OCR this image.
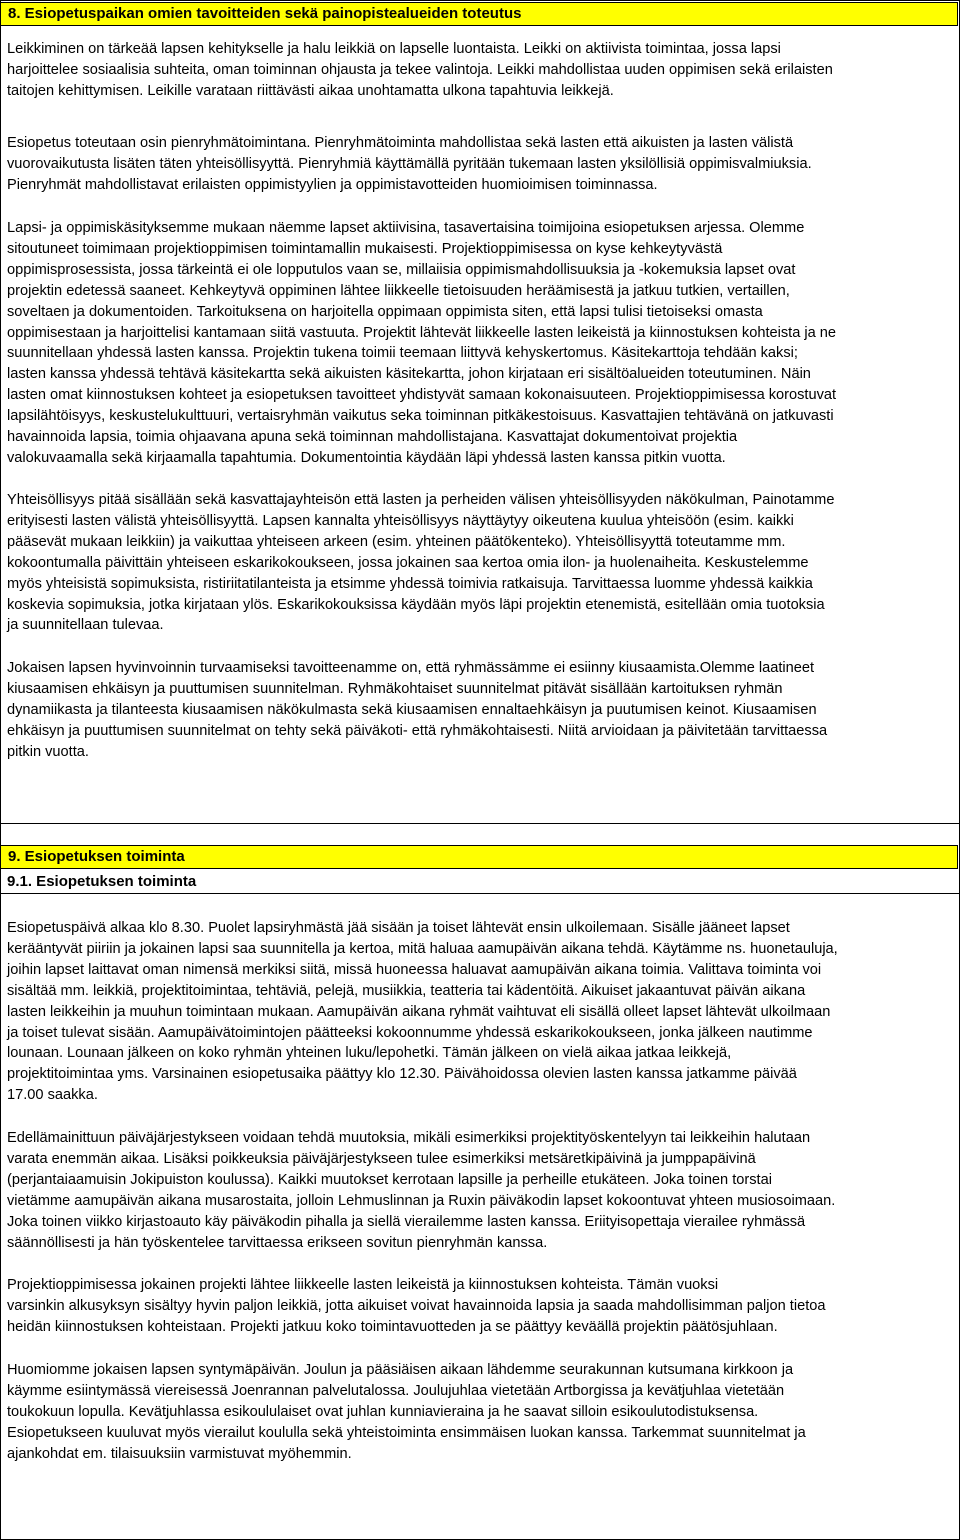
8. Esiopetuspaikan omien tavoitteiden sekä painopistealueiden toteutus
Leikkiminen on tärkeää lapsen kehitykselle ja halu leikkiä on lapselle luontaista. Leikki on aktiivista toimintaa, jossa lapsi
harjoittelee sosiaalisia suhteita, oman toiminnan ohjausta ja tekee valintoja. Leikki mahdollistaa uuden oppimisen sekä erilaisten
taitojen kehittymisen. Leikille varataan riittävästi aikaa unohtamatta ulkona tapahtuvia leikkejä.
Esiopetus toteutaan osin pienryhmätoimintana. Pienryhmätoiminta mahdollistaa sekä lasten että aikuisten ja lasten välistä
vuorovaikutusta lisäten täten yhteisöllisyyttä. Pienryhmiä käyttämällä pyritään tukemaan lasten yksilöllisiä oppimisvalmiuksia.
Pienryhmät mahdollistavat erilaisten oppimistyylien ja oppimistavotteiden huomioimisen toiminnassa.
Lapsi- ja oppimiskäsityksemme mukaan näemme lapset aktiivisina, tasavertaisina toimijoina esiopetuksen arjessa. Olemme
sitoutuneet toimimaan projektioppimisen toimintamallin mukaisesti. Projektioppimisessa on kyse kehkeytyvästä
oppimisprosessista, jossa tärkeintä ei ole lopputulos vaan se, millaiisia oppimismahdollisuuksia ja -kokemuksia lapset ovat
projektin edetessä saaneet. Kehkeytyvä oppiminen lähtee liikkeelle tietoisuuden heräämisestä ja jatkuu tutkien, vertaillen,
soveltaen ja dokumentoiden. Tarkoituksena on harjoitella oppimaan oppimista siten, että lapsi tulisi tietoiseksi omasta
oppimisestaan ja harjoittelisi kantamaan siitä vastuuta. Projektit lähtevät liikkeelle lasten leikeistä ja kiinnostuksen kohteista ja ne
suunnitellaan yhdessä lasten kanssa. Projektin tukena toimii teemaan liittyvä kehyskertomus. Käsitekarttoja tehdään kaksi;
lasten kanssa yhdessä tehtävä käsitekartta sekä aikuisten käsitekartta, johon kirjataan eri sisältöalueiden toteutuminen. Näin
lasten omat kiinnostuksen kohteet ja esiopetuksen tavoitteet yhdistyvät samaan kokonaisuuteen. Projektioppimisessa korostuvat
lapsilähtöisyys, keskustelukulttuuri, vertaisryhmän vaikutus seka toiminnan pitkäkestoisuus. Kasvattajien tehtävänä on jatkuvasti
havainnoida lapsia, toimia ohjaavana apuna sekä toiminnan mahdollistajana. Kasvattajat dokumentoivat projektia
valokuvaamalla sekä kirjaamalla tapahtumia. Dokumentointia käydään läpi yhdessä lasten kanssa pitkin vuotta.
Yhteisöllisyys pitää sisällään sekä kasvattajayhteisön että lasten ja perheiden välisen yhteisöllisyyden näkökulman, Painotamme
erityisesti lasten välistä yhteisöllisyyttä. Lapsen kannalta yhteisöllisyys näyttäytyy oikeutena kuulua yhteisöön (esim. kaikki
pääsevät mukaan leikkiin) ja vaikuttaa yhteiseen arkeen (esim. yhteinen päätökenteko). Yhteisöllisyyttä toteutamme mm.
kokoontumalla päivittäin yhteiseen eskarikokoukseen, jossa jokainen saa kertoa omia ilon- ja huolenaiheita. Keskustelemme
myös yhteisistä sopimuksista, ristiriitatilanteista ja etsimme yhdessä toimivia ratkaisuja. Tarvittaessa luomme yhdessä kaikkia
koskevia sopimuksia, jotka kirjataan ylös. Eskarikokouksissa käydään myös läpi projektin etenemistä, esitellään omia tuotoksia
ja suunnitellaan tulevaa.
Jokaisen lapsen hyvinvoinnin turvaamiseksi tavoitteenamme on, että ryhmässämme ei esiinny kiusaamista.Olemme laatineet
kiusaamisen ehkäisyn ja puuttumisen suunnitelman. Ryhmäkohtaiset suunnitelmat pitävät sisällään kartoituksen ryhmän
dynamiikasta ja tilanteesta kiusaamisen näkökulmasta sekä kiusaamisen ennaltaehkäisyn ja puutumisen keinot. Kiusaamisen
ehkäisyn ja puuttumisen suunnitelmat on tehty sekä päiväkoti- että ryhmäkohtaisesti. Niitä arvioidaan ja päivitetään tarvittaessa
pitkin vuotta.
9. Esiopetuksen toiminta
9.1. Esiopetuksen toiminta
Esiopetuspäivä alkaa klo 8.30. Puolet lapsiryhmästä jää sisään ja toiset lähtevät ensin ulkoilemaan. Sisälle jääneet lapset
kerääntyvät piiriin ja jokainen lapsi saa suunnitella ja kertoa, mitä haluaa aamupäivän aikana tehdä. Käytämme ns. huonetauluja,
joihin lapset laittavat oman nimensä merkiksi siitä, missä huoneessa haluavat aamupäivän aikana toimia. Valittava toiminta voi
sisältää mm. leikkiä, projektitoimintaa, tehtäviä, pelejä, musiikkia, teatteria tai kädentöitä. Aikuiset jakaantuvat päivän aikana
lasten leikkeihin ja muuhun toimintaan mukaan. Aamupäivän aikana ryhmät vaihtuvat eli sisällä olleet lapset lähtevät ulkoilmaan
ja toiset tulevat sisään. Aamupäivätoimintojen päätteeksi kokoonnumme yhdessä eskarikokoukseen, jonka jälkeen nautimme
lounaan. Lounaan jälkeen on koko ryhmän yhteinen luku/lepohetki. Tämän jälkeen on vielä aikaa jatkaa leikkejä,
projektitoimintaa yms. Varsinainen esiopetusaika päättyy klo 12.30. Päivähoidossa olevien lasten kanssa jatkamme päivää
17.00 saakka.
Edellämainittuun päiväjärjestykseen voidaan tehdä muutoksia, mikäli esimerkiksi projektityöskentelyyn tai leikkeihin halutaan
varata enemmän aikaa. Lisäksi poikkeuksia päiväjärjestykseen tulee esimerkiksi metsäretkipäivinä ja jumppapäivinä
(perjantaiaamuisin Jokipuiston koulussa). Kaikki muutokset kerrotaan lapsille ja perheille etukäteen. Joka toinen torstai
vietämme aamupäivän aikana musarostaita, jolloin Lehmuslinnan ja Ruxin päiväkodin lapset kokoontuvat yhteen musiosoimaan.
Joka toinen viikko kirjastoauto käy päiväkodin pihalla ja siellä vierailemme lasten kanssa. Eriityisopettaja vierailee ryhmässä
säännöllisesti ja hän työskentelee tarvittaessa erikseen sovitun pienryhmän kanssa.
Projektioppimisessa jokainen projekti lähtee liikkeelle lasten leikeistä ja kiinnostuksen kohteista. Tämän vuoksi
varsinkin alkusyksyn sisältyy hyvin paljon leikkiä, jotta aikuiset voivat havainnoida lapsia ja saada mahdollisimman paljon tietoa
heidän kiinnostuksen kohteistaan. Projekti jatkuu koko toimintavuotteden ja se päättyy keväällä projektin päätösjuhlaan.
Huomiomme jokaisen lapsen syntymäpäivän. Joulun ja pääsiäisen aikaan lähdemme seurakunnan kutsumana kirkkoon ja
käymme esiintymässä viereisessä Joenrannan palvelutalossa. Joulujuhlaa vietetään Artborgissa ja kevätjuhlaa vietetään
toukokuun lopulla. Kevätjuhlassa esikoululaiset ovat juhlan kunniavieraina ja he saavat silloin esikoulutodistuksensa.
Esiopetukseen kuuluvat myös vierailut koululla sekä yhteistoiminta ensimmäisen luokan kanssa. Tarkemmat suunnitelmat ja
ajankohdat em. tilaisuuksiin varmistuvat myöhemmin.
